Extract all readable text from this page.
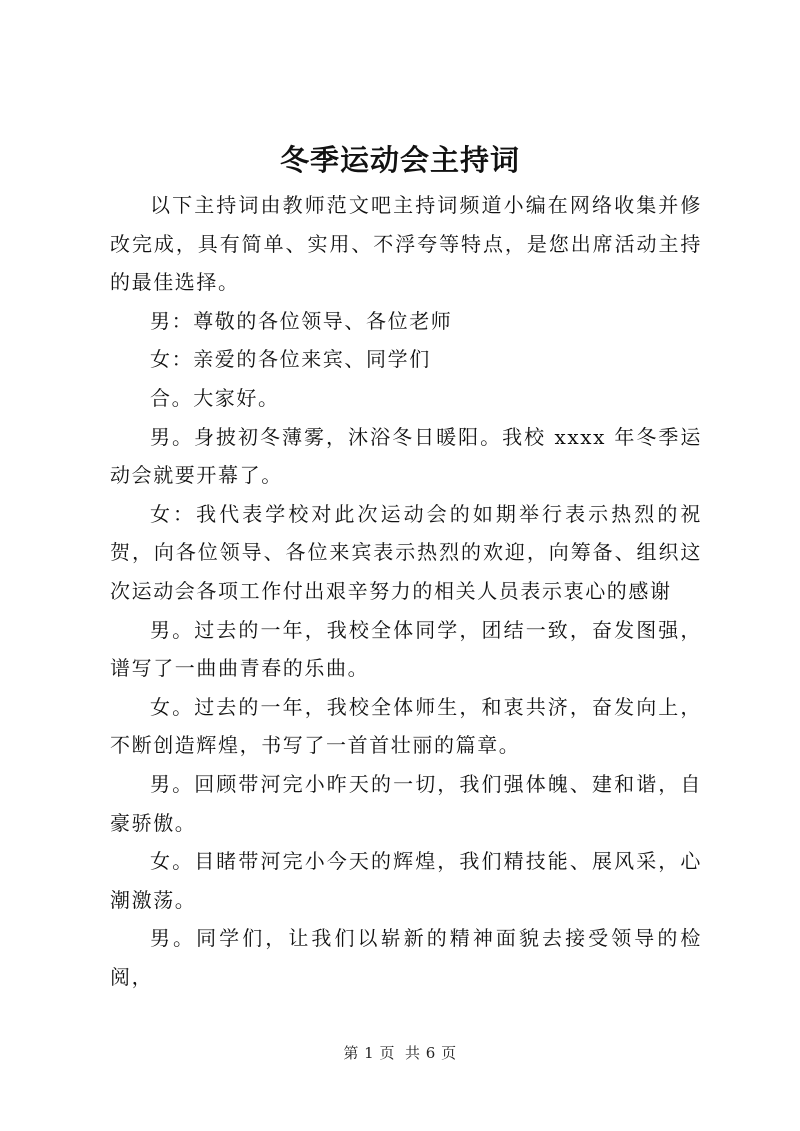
冬季运动会主持词

以下主持词由教师范文吧主持词频道小编在网络收集并修改完成，具有简单、实用、不浮夸等特点，是您出席活动主持的最佳选择。

男：尊敬的各位领导、各位老师

女：亲爱的各位来宾、同学们

合。大家好。

男。身披初冬薄雾，沐浴冬日暖阳。我校 xxxx 年冬季运动会就要开幕了。

女：我代表学校对此次运动会的如期举行表示热烈的祝贺，向各位领导、各位来宾表示热烈的欢迎，向筹备、组织这次运动会各项工作付出艰辛努力的相关人员表示衷心的感谢

男。过去的一年，我校全体同学，团结一致，奋发图强，谱写了一曲曲青春的乐曲。

女。过去的一年，我校全体师生，和衷共济，奋发向上，不断创造辉煌，书写了一首首壮丽的篇章。

男。回顾带河完小昨天的一切，我们强体魄、建和谐，自豪骄傲。

女。目睹带河完小今天的辉煌，我们精技能、展风采，心潮激荡。

男。同学们，让我们以崭新的精神面貌去接受领导的检阅，

第 1 页 共 6 页
